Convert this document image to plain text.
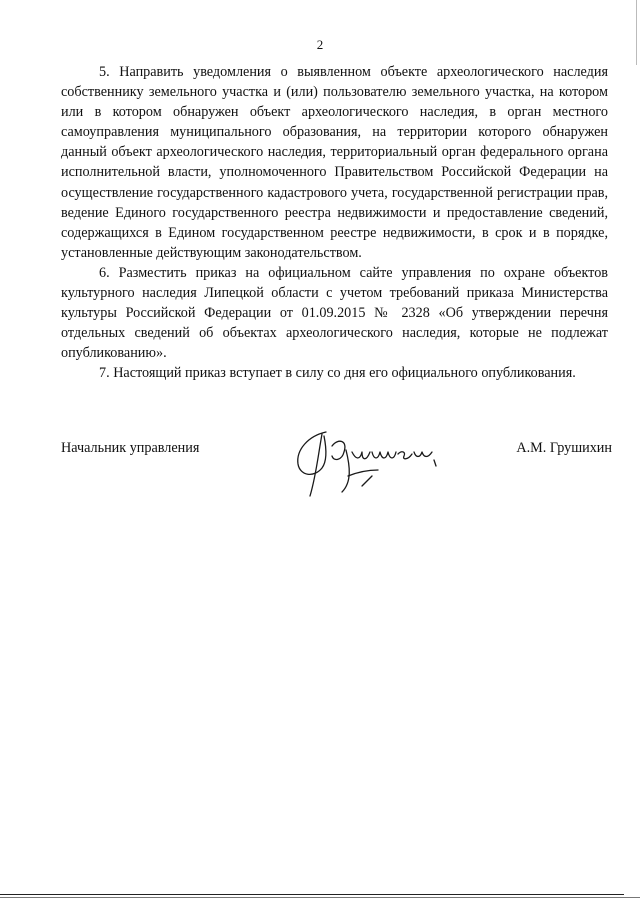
2

5. Направить уведомления о выявленном объекте археологического наследия собственнику земельного участка и (или) пользователю земельного участка, на котором или в котором обнаружен объект археологического наследия, в орган местного самоуправления муниципального образования, на территории которого обнаружен данный объект археологического наследия, территориальный орган федерального органа исполнительной власти, уполномоченного Правительством Российской Федерации на осуществление государственного кадастрового учета, государственной регистрации прав, ведение Единого государственного реестра недвижимости и предоставление сведений, содержащихся в Едином государственном реестре недвижимости, в срок и в порядке, установленные действующим законодательством.

6. Разместить приказ на официальном сайте управления по охране объектов культурного наследия Липецкой области с учетом требований приказа Министерства культуры Российской Федерации от 01.09.2015 № 2328 «Об утверждении перечня отдельных сведений об объектах археологического наследия, которые не подлежат опубликованию».

7. Настоящий приказ вступает в силу со дня его официального опубликования.

Начальник управления	А.М. Грушихин
